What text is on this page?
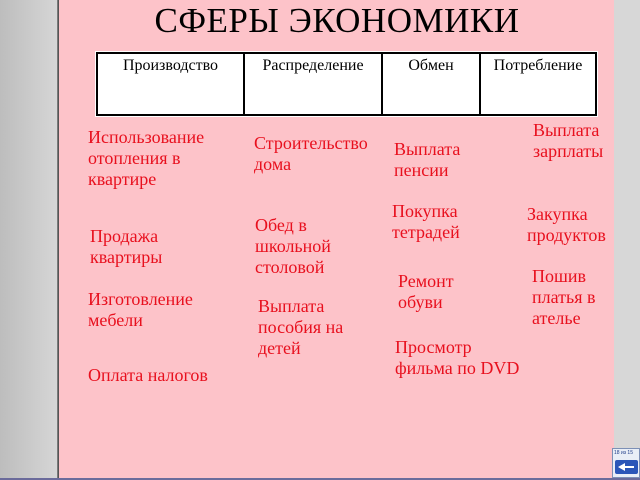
СФЕРЫ ЭКОНОМИКИ
Производство	Распределение	Обмен	Потребление
Использование
отопления в
квартире
Строительство
дома
Выплата
пенсии
Выплата
зарплаты
Продажа
квартиры
Обед в
школьной
столовой
Покупка
тетрадей
Закупка
продуктов
Изготовление
мебели
Выплата
пособия на
детей
Ремонт
обуви
Пошив
платья в
ателье
Оплата налогов
Просмотр
фильма по DVD
18 из 15
